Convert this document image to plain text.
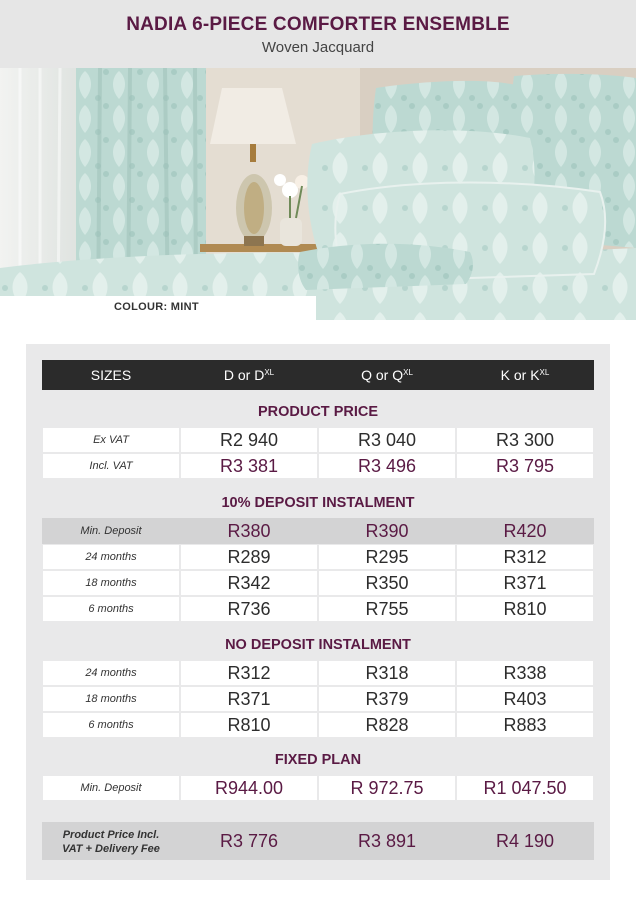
NADIA 6-PIECE COMFORTER ENSEMBLE
Woven Jacquard
COLOUR: MINT
SIZES	D or $D^{XL}$	Q or $Q^{XL}$	K or $K^{XL}$
PRODUCT PRICE
Ex VAT	R2 940	R3 040	R3 300
Incl. VAT	R3 381	R3 496	R3 795
10% DEPOSIT INSTALMENT
Min. Deposit	R380	R390	R420
24 months	R289	R295	R312
18 months	R342	R350	R371
6 months	R736	R755	R810
NO DEPOSIT INSTALMENT
24 months	R312	R318	R338
18 months	R371	R379	R403
6 months	R810	R828	R883
FIXED PLAN
Min. Deposit	R944.00	R 972.75	R1 047.50
Product Price Incl.
VAT + Delivery Fee	R3 776	R3 891	R4 190
